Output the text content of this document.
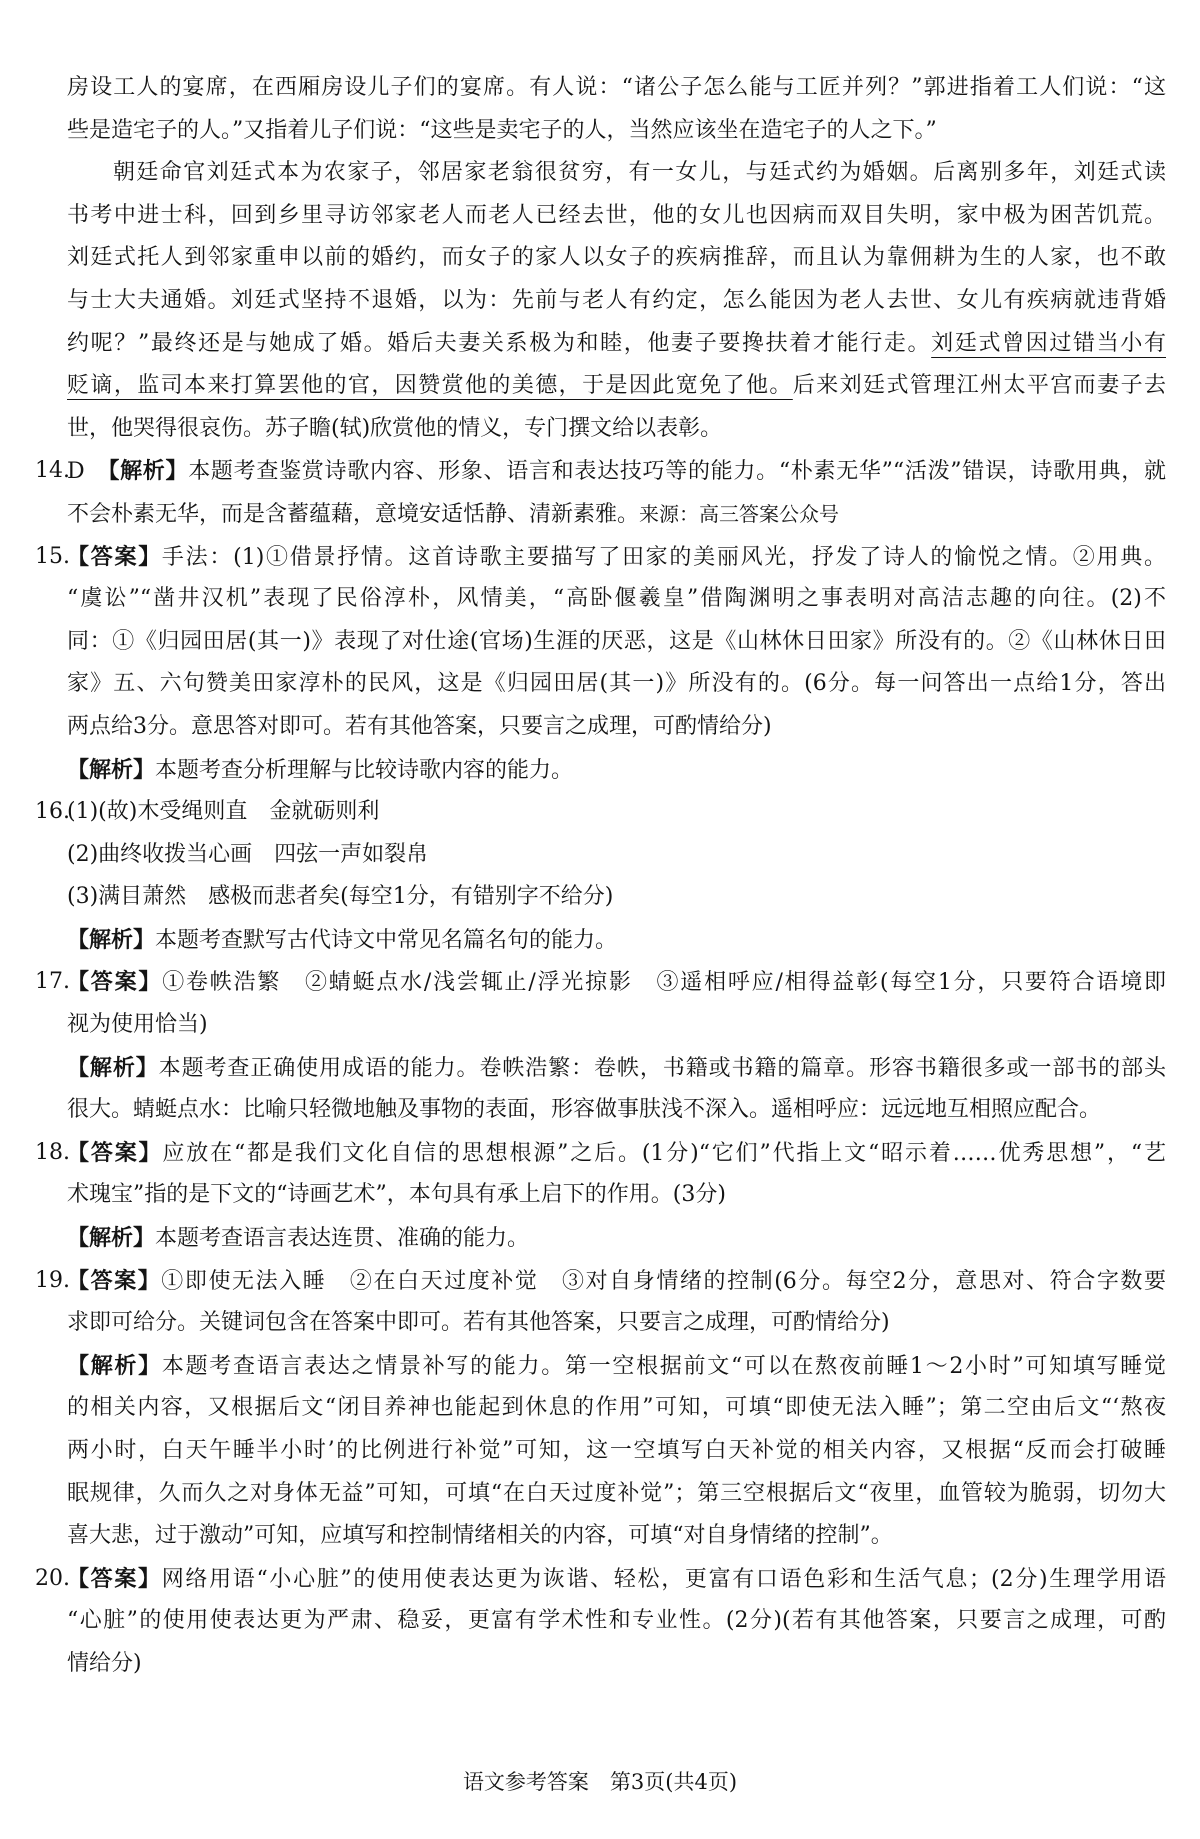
房设工人的宴席，在西厢房设儿子们的宴席。有人说：“诸公子怎么能与工匠并列？”郭进指着工人们说：“这
些是造宅子的人。”又指着儿子们说：“这些是卖宅子的人，当然应该坐在造宅子的人之下。”
朝廷命官刘廷式本为农家子，邻居家老翁很贫穷，有一女儿，与廷式约为婚姻。后离别多年，刘廷式读
书考中进士科，回到乡里寻访邻家老人而老人已经去世，他的女儿也因病而双目失明，家中极为困苦饥荒。
刘廷式托人到邻家重申以前的婚约，而女子的家人以女子的疾病推辞，而且认为靠佣耕为生的人家，也不敢
与士大夫通婚。刘廷式坚持不退婚，以为：先前与老人有约定，怎么能因为老人去世、女儿有疾病就违背婚
约呢？”最终还是与她成了婚。婚后夫妻关系极为和睦，他妻子要搀扶着才能行走。刘廷式曾因过错当小有
贬谪，监司本来打算罢他的官，因赞赏他的美德，于是因此宽免了他。后来刘廷式管理江州太平宫而妻子去
世，他哭得很哀伤。苏子瞻(轼)欣赏他的情义，专门撰文给以表彰。
14.
D 【解析】本题考查鉴赏诗歌内容、形象、语言和表达技巧等的能力。“朴素无华”“活泼”错误，诗歌用典，就
不会朴素无华，而是含蓄蕴藉，意境安适恬静、清新素雅。来源：高三答案公众号
15.
【答案】手法：(1)①借景抒情。这首诗歌主要描写了田家的美丽风光，抒发了诗人的愉悦之情。②用典。
“虞讼”“凿井汉机”表现了民俗淳朴，风情美，“高卧偃羲皇”借陶渊明之事表明对高洁志趣的向往。(2)不
同：①《归园田居(其一)》表现了对仕途(官场)生涯的厌恶，这是《山林休日田家》所没有的。②《山林休日田
家》五、六句赞美田家淳朴的民风，这是《归园田居(其一)》所没有的。(6分。每一问答出一点给1分，答出
两点给3分。意思答对即可。若有其他答案，只要言之成理，可酌情给分)
【解析】本题考查分析理解与比较诗歌内容的能力。
16.
(1)(故)木受绳则直　金就砺则利
(2)曲终收拨当心画　四弦一声如裂帛
(3)满目萧然　感极而悲者矣(每空1分，有错别字不给分)
【解析】本题考查默写古代诗文中常见名篇名句的能力。
17.
【答案】①卷帙浩繁　②蜻蜓点水/浅尝辄止/浮光掠影　③遥相呼应/相得益彰(每空1分，只要符合语境即
视为使用恰当)
【解析】本题考查正确使用成语的能力。卷帙浩繁：卷帙，书籍或书籍的篇章。形容书籍很多或一部书的部头
很大。蜻蜓点水：比喻只轻微地触及事物的表面，形容做事肤浅不深入。遥相呼应：远远地互相照应配合。
18.
【答案】应放在“都是我们文化自信的思想根源”之后。(1分)“它们”代指上文“昭示着……优秀思想”，“艺
术瑰宝”指的是下文的“诗画艺术”，本句具有承上启下的作用。(3分)
【解析】本题考查语言表达连贯、准确的能力。
19.
【答案】①即使无法入睡　②在白天过度补觉　③对自身情绪的控制(6分。每空2分，意思对、符合字数要
求即可给分。关键词包含在答案中即可。若有其他答案，只要言之成理，可酌情给分)
【解析】本题考查语言表达之情景补写的能力。第一空根据前文“可以在熬夜前睡1～2小时”可知填写睡觉
的相关内容，又根据后文“闭目养神也能起到休息的作用”可知，可填“即使无法入睡”；第二空由后文“‘熬夜
两小时，白天午睡半小时’的比例进行补觉”可知，这一空填写白天补觉的相关内容，又根据“反而会打破睡
眠规律，久而久之对身体无益”可知，可填“在白天过度补觉”；第三空根据后文“夜里，血管较为脆弱，切勿大
喜大悲，过于激动”可知，应填写和控制情绪相关的内容，可填“对自身情绪的控制”。
20.
【答案】网络用语“小心脏”的使用使表达更为诙谐、轻松，更富有口语色彩和生活气息；(2分)生理学用语
“心脏”的使用使表达更为严肃、稳妥，更富有学术性和专业性。(2分)(若有其他答案，只要言之成理，可酌
情给分)
语文参考答案　第3页(共4页)
